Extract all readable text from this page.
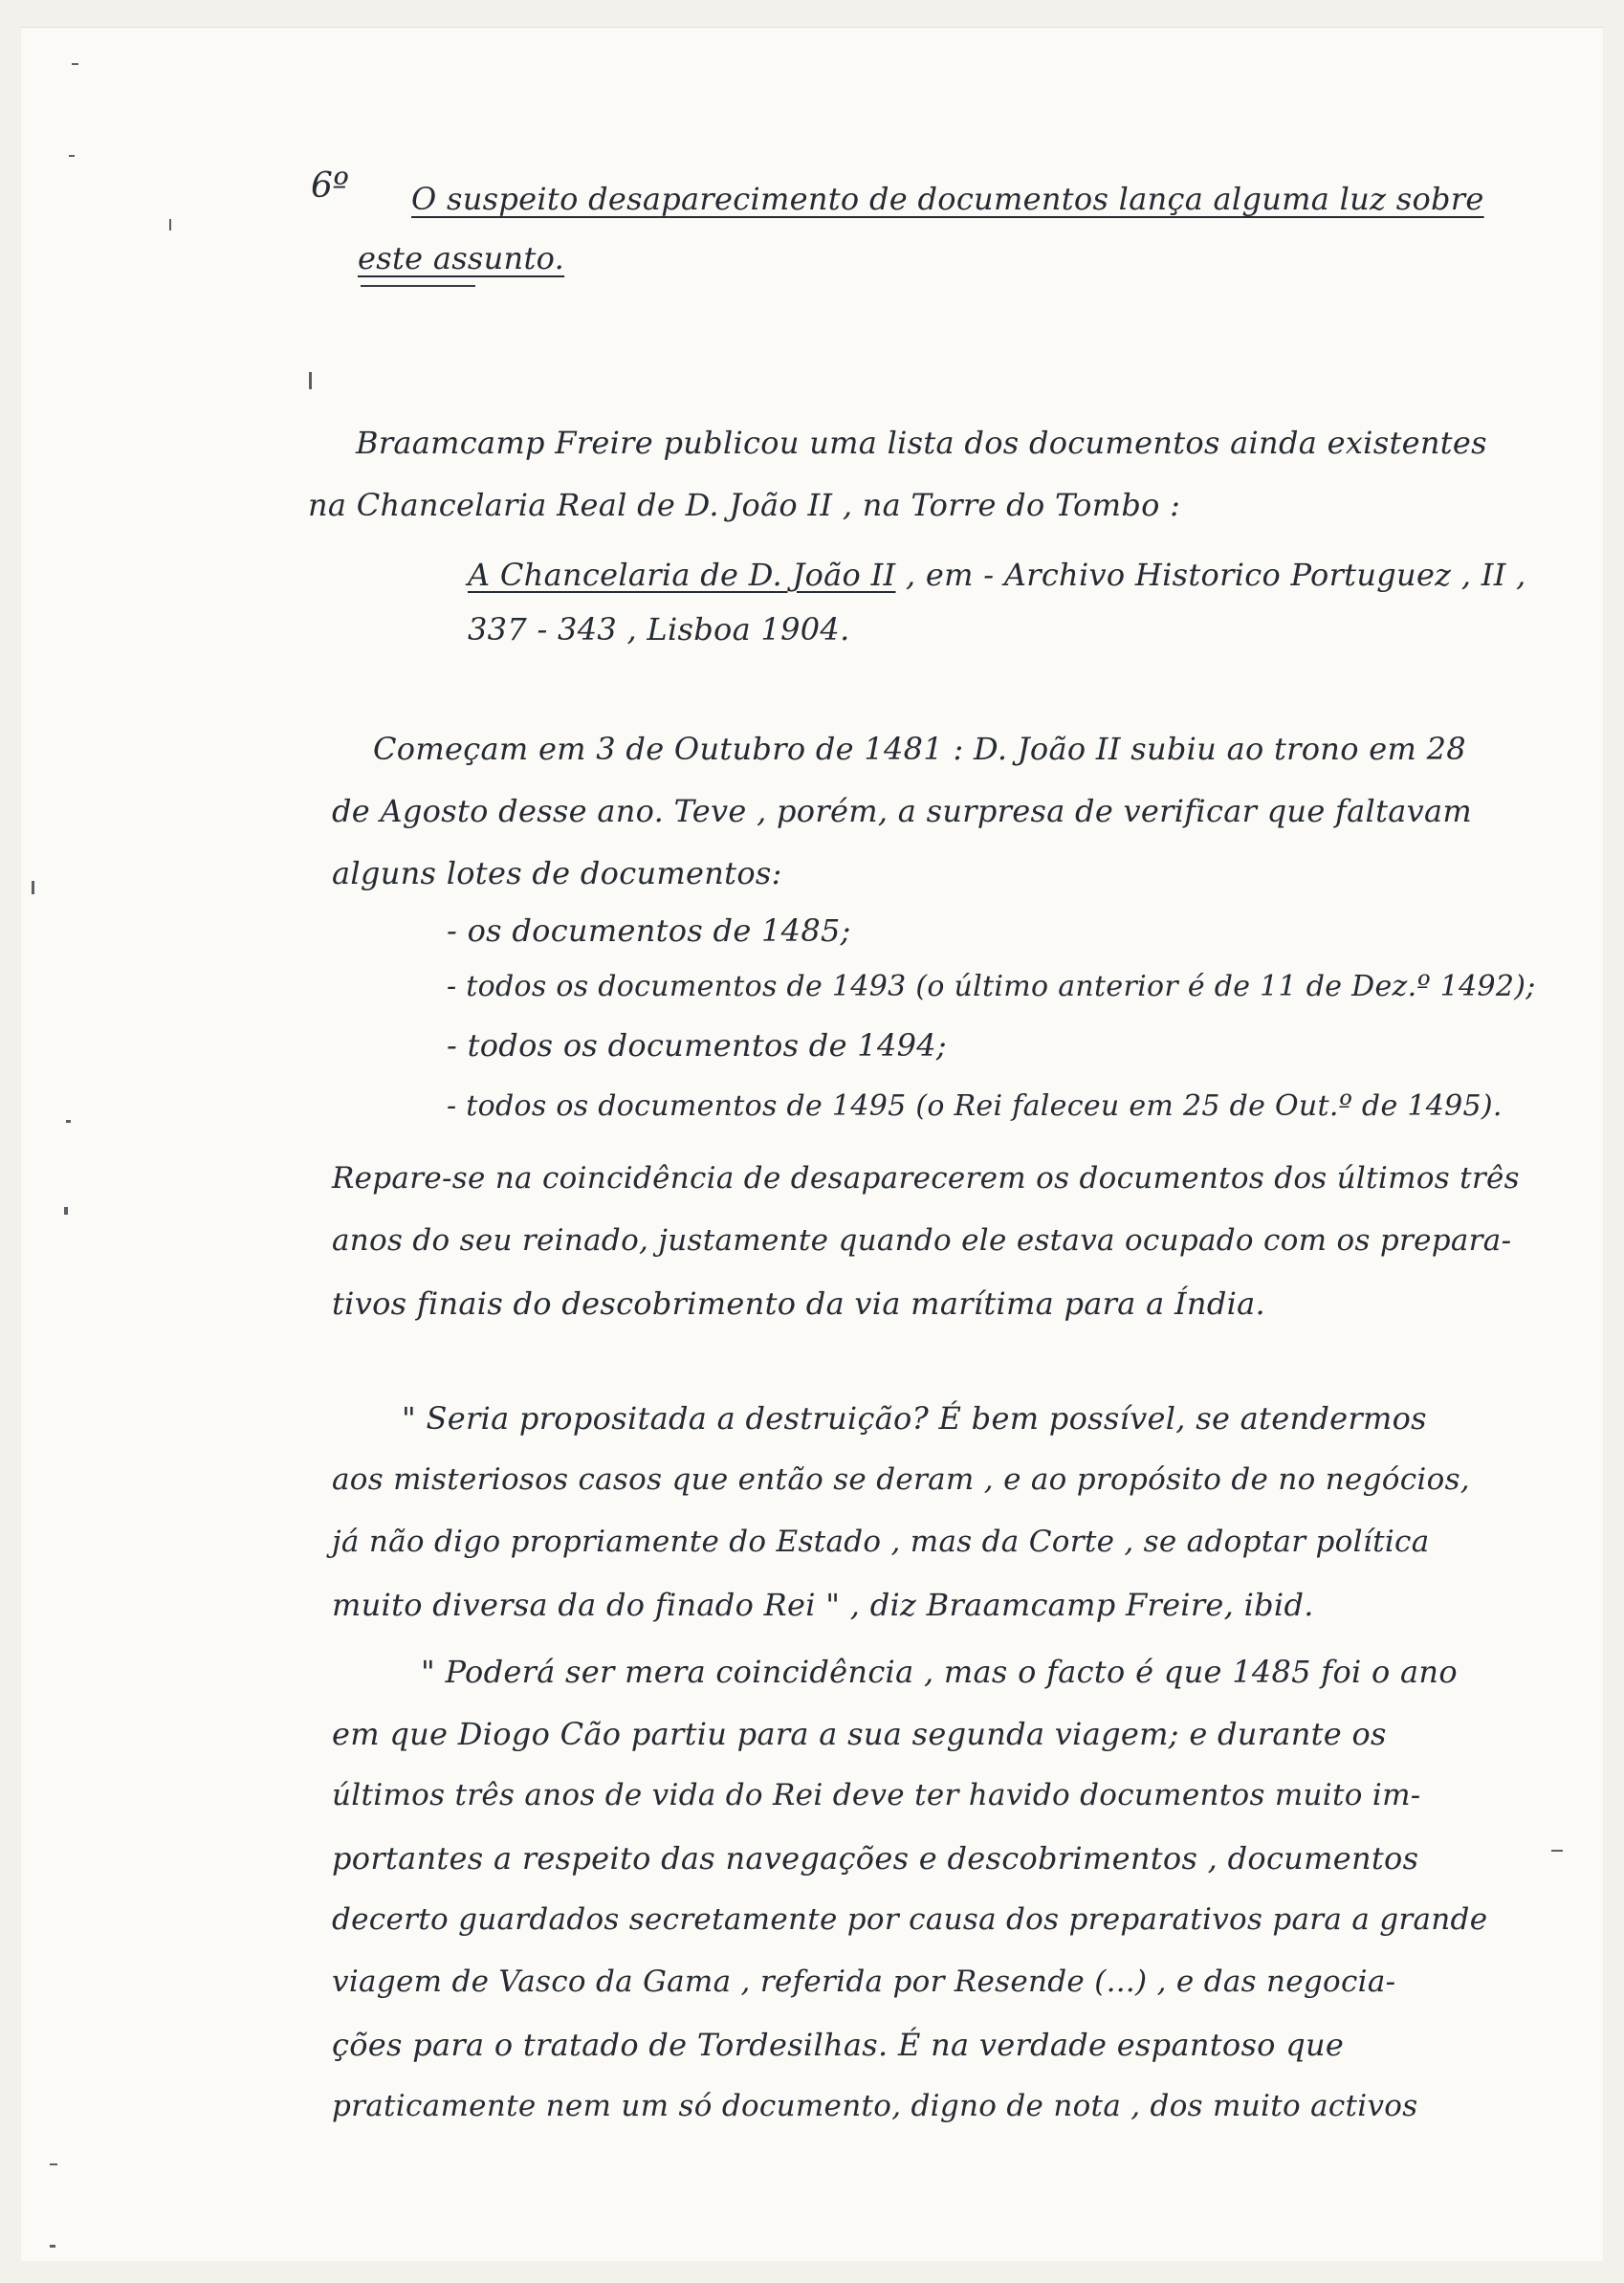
6º O suspeito desaparecimento de documentos lança alguma luz sobre
este assunto.
Braamcamp Freire publicou uma lista dos documentos ainda existentes
na Chancelaria Real de D. João II , na Torre do Tombo :
A Chancelaria de D. João II , em - Archivo Historico Portuguez , II ,
337 - 343 , Lisboa 1904.
Começam em 3 de Outubro de 1481 : D. João II subiu ao trono em 28
de Agosto desse ano. Teve , porém, a surpresa de verificar que faltavam
alguns lotes de documentos:
- os documentos de 1485;
- todos os documentos de 1493 (o último anterior é de 11 de Dez.º 1492);
- todos os documentos de 1494;
- todos os documentos de 1495 (o Rei faleceu em 25 de Out.º de 1495).
Repare-se na coincidência de desaparecerem os documentos dos últimos três
anos do seu reinado, justamente quando ele estava ocupado com os prepara-
tivos finais do descobrimento da via marítima para a Índia.
" Seria propositada a destruição? É bem possível, se atendermos
aos misteriosos casos que então se deram , e ao propósito de no negócios,
já não digo propriamente do Estado , mas da Corte , se adoptar política
muito diversa da do finado Rei " , diz Braamcamp Freire, ibid.
" Poderá ser mera coincidência , mas o facto é que 1485 foi o ano
em que Diogo Cão partiu para a sua segunda viagem; e durante os
últimos três anos de vida do Rei deve ter havido documentos muito im-
portantes a respeito das navegações e descobrimentos , documentos
decerto guardados secretamente por causa dos preparativos para a grande
viagem de Vasco da Gama , referida por Resende (...) , e das negocia-
ções para o tratado de Tordesilhas. É na verdade espantoso que
praticamente nem um só documento, digno de nota , dos muito activos
